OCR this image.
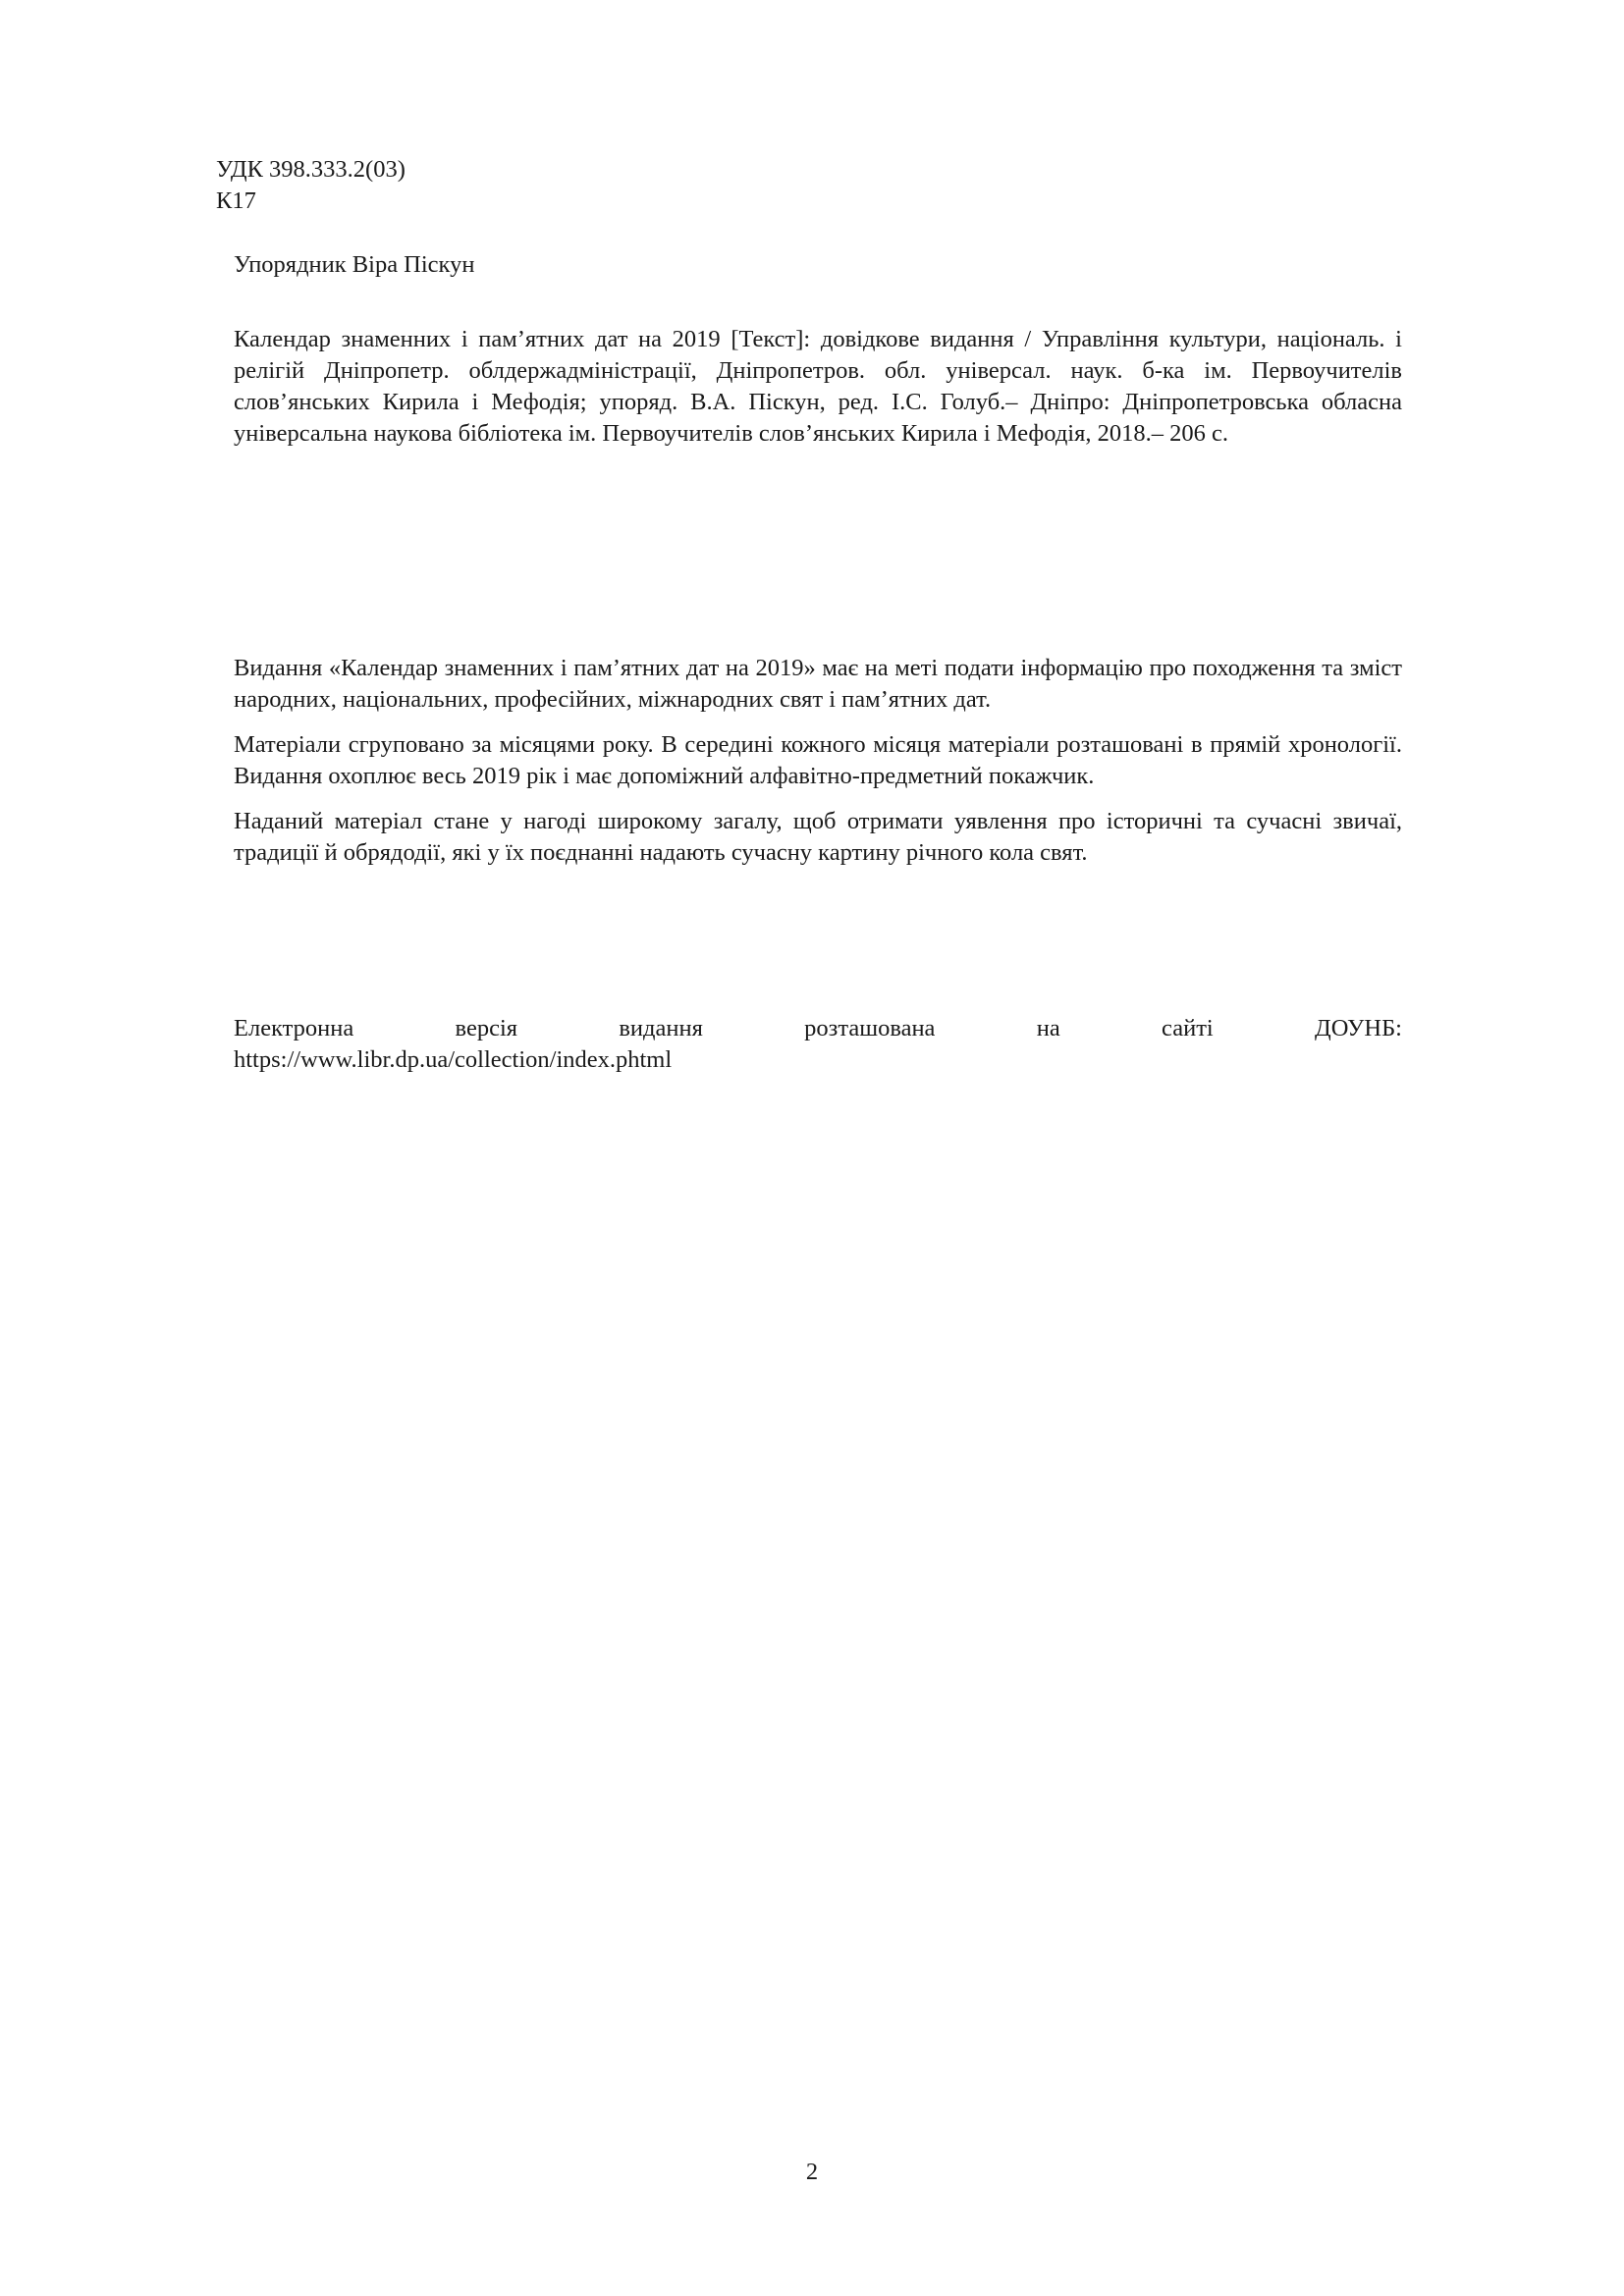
УДК 398.333.2(03)
К17
Упорядник Віра Піскун

Календар знаменних і пам’ятних дат на 2019 [Текст]: довідкове видання / Управління культури, національ. і релігій Дніпропетр. облдержадміністрації, Дніпропетров. обл. універсал. наук. б-ка ім. Первоучителів слов’янських Кирила і Мефодія; упоряд. В.А. Піскун, ред. І.С. Голуб.– Дніпро: Дніпропетровська обласна універсальна наукова бібліотека ім. Первоучителів слов’янських Кирила і Мефодія, 2018.– 206 с.

Видання «Календар знаменних і пам’ятних дат на 2019» має на меті подати інформацію про походження та зміст народних, національних, професійних, міжнародних свят і пам’ятних дат.

Матеріали сгруповано за місяцями року. В середині кожного місяця матеріали розташовані в прямій хронології. Видання охоплює весь 2019 рік і має допоміжний алфавітно-предметний покажчик.

Наданий матеріал стане у нагоді широкому загалу, щоб отримати уявлення про історичні та сучасні звичаї, традиції й обрядодії, які у їх поєднанні надають сучасну картину річного кола свят.

Електронна	версія	видання	розташована	на	сайті	ДОУНБ:
https://www.libr.dp.ua/collection/index.phtml
2
